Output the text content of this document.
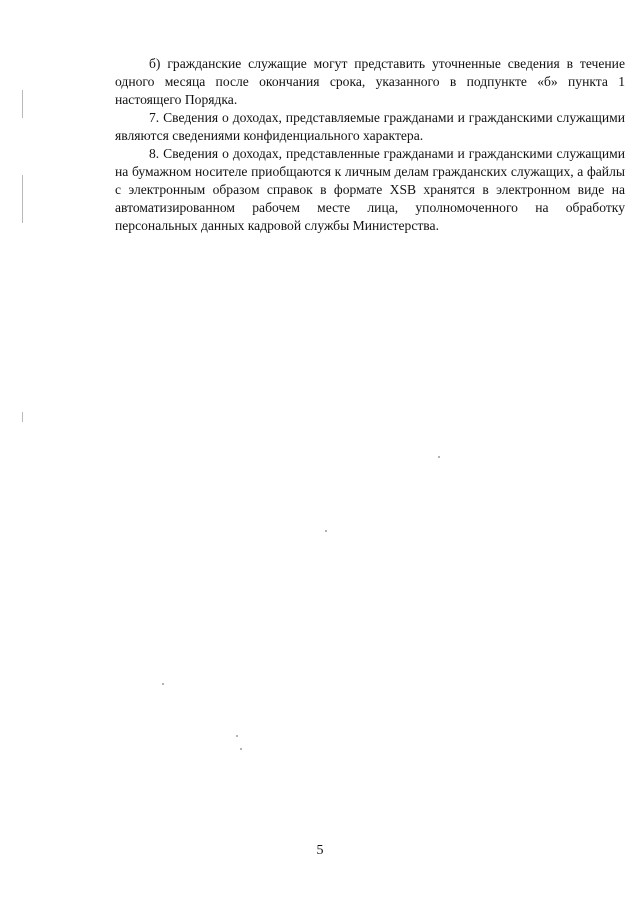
б) гражданские служащие могут представить уточненные сведения в течение одного месяца после окончания срока, указанного в подпункте «б» пункта 1 настоящего Порядка.

7. Сведения о доходах, представляемые гражданами и гражданскими служащими являются сведениями конфиденциального характера.

8. Сведения о доходах, представленные гражданами и гражданскими служащими на бумажном носителе приобщаются к личным делам гражданских служащих, а файлы с электронным образом справок в формате XSB хранятся в электронном виде на автоматизированном рабочем месте лица, уполномоченного на обработку персональных данных кадровой службы Министерства.

5
